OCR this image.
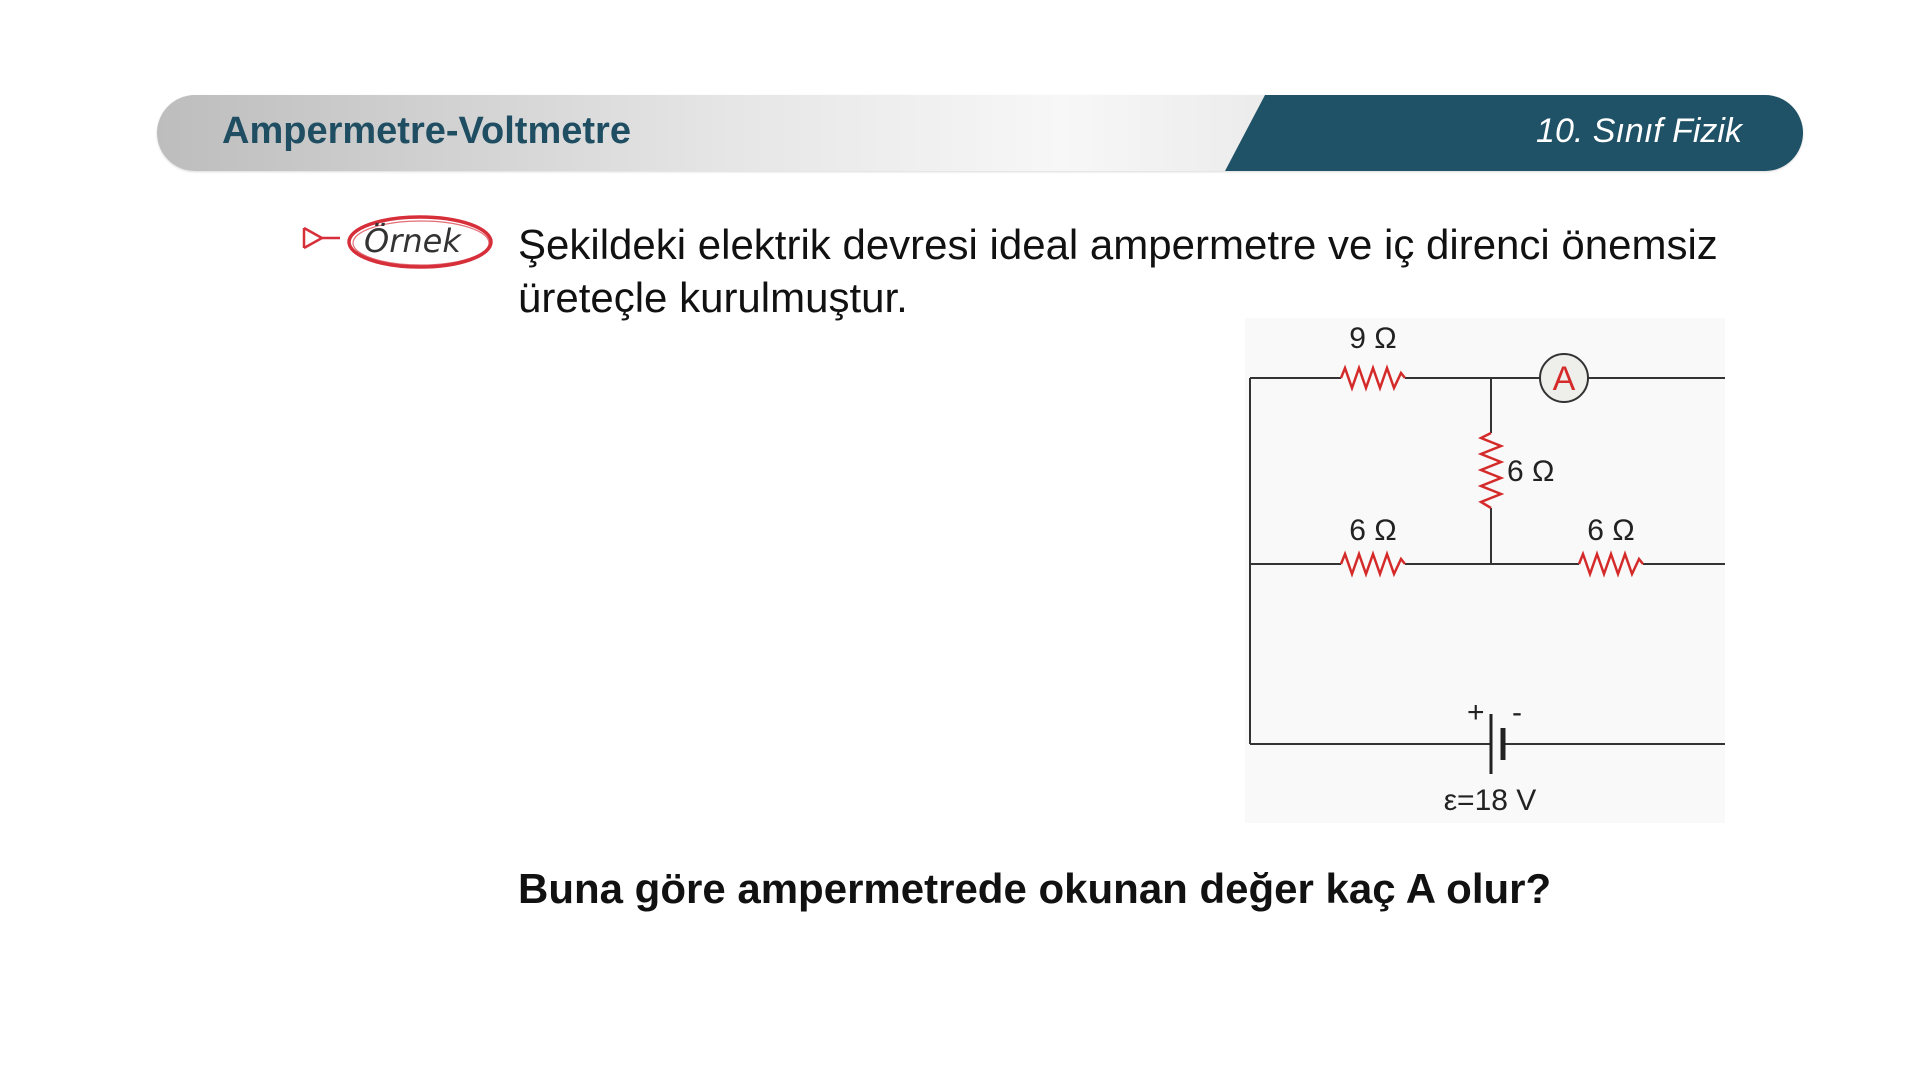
Ampermetre-Voltmetre	10. Sınıf Fizik
Örnek Şekildeki elektrik devresi ideal ampermetre ve iç direnci önemsiz üreteçle kurulmuştur.

9 Ω
6 Ω
6 Ω	6 Ω
A
+ -
ε=18 V

Buna göre ampermetrede okunan değer kaç A olur?
